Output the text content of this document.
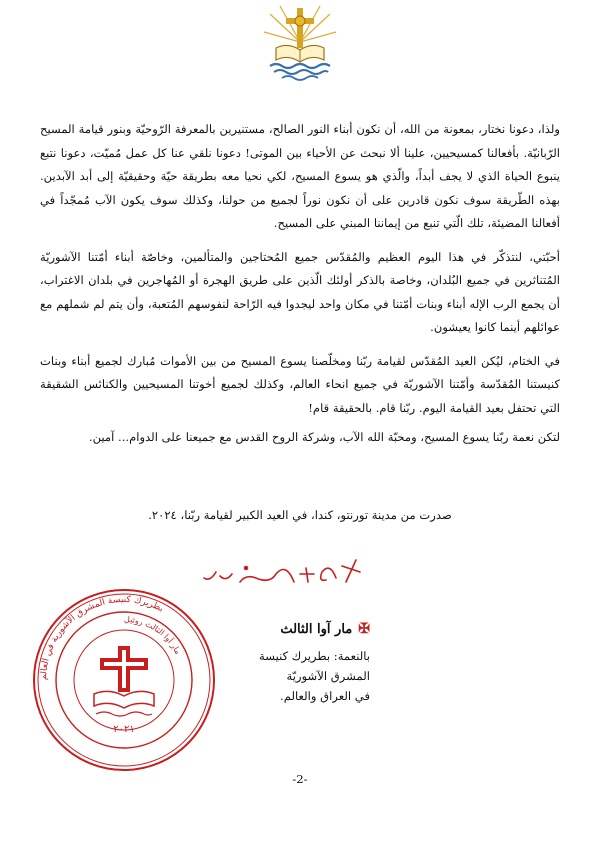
ولذا، دعونا نختار، بمعونة من الله، أن نكون أبناء النور الصالح، مستنيرين بالمعرفة الرّوحيّة وبنور قيامة المسيح الرّبانيّة. بأفعالنا كمسيحيين، علينا ألا نبحث عن الأحياء بين الموتى! دعونا نلقي عنا كل عمل مُميّت، دعونا نتبع ينبوع الحياة الذي لا يجف أبداً، والّذي هو يسوع المسيح، لكي نحيا معه بطريقة حيّة وحقيقيّة إلى أبد الآبدين. بهذه الطّريقة سوف نكون قادرين على أن نكون نوراً لجميع من حولنا، وكذلك سوف يكون الآب مُمجّداً في أفعالنا المضيئة، تلك الّتي تنبع من إيماننا المبني على المسيح.

أحبّتي، لنتذكّر في هذا اليوم العظيم والمُقدّس جميع المُحتاجين والمتألمين، وخاصّة أبناء أمّتنا الآشوريّة المُتناثرين في جميع البُلدان، وخاصة بالذكر أولئك الّذين على طريق الهجرة أو المُهاجرين في بلدان الاغتراب، أن يجمع الرب الإله أبناء وبنات أمّتنا في مكان واحد ليجدوا فيه الرّاحة لنفوسهم المُتعبة، وأن يتم لم شملهم مع عوائلهم أينما كانوا يعيشون.

في الختام، ليُكن العيد المُقدّس لقيامة ربّنا ومخلّصنا يسوع المسيح من بين الأموات مُبارك لجميع أبناء وبنات كنيستنا المُقدّسة وأمّتنا الآشوريّة في جميع انحاء العالم، وكذلك لجميع أخوتنا المسيحيين والكنائس الشقيقة التي تحتفل بعيد القيامة اليوم. ربّنا قام. بالحقيقة قام!

لتكن نعمة ربّنا يسوع المسيح، ومحبّة الله الآب، وشركة الروح القدس مع جميعنا على الدوام... آمين.

صدرت من مدينة تورنتو، كندا، في العيد الكبير لقيامة ربّنا، ٢٠٢٤.
بطريرك كنيسة المشرق الآشورية في العالم
مار آوا الثالث روئيل
٢٠٢١
✠
مار آوا الثالث
بالنعمة: بطريرك كنيسة المشرق الآشوريّة
في العراق والعالم.
-2-
